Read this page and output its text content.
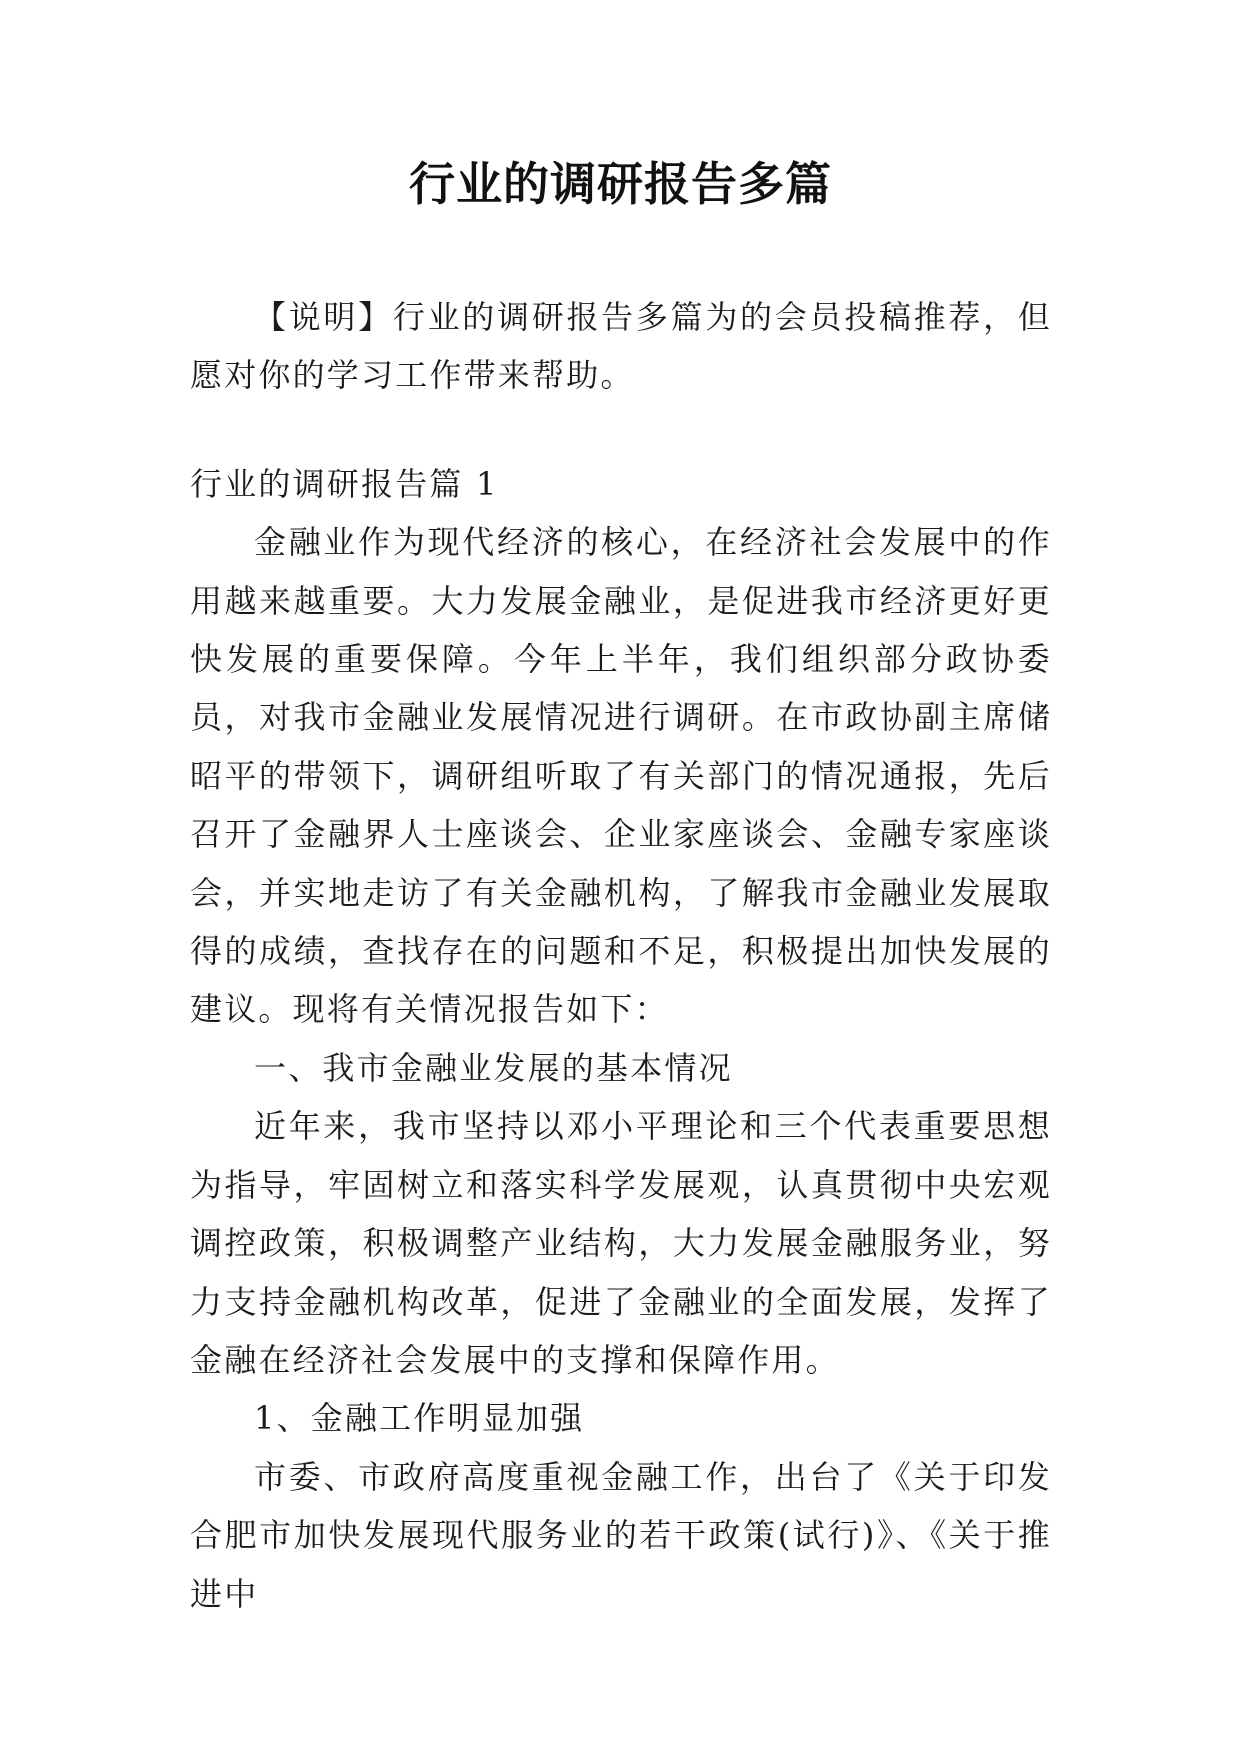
行业的调研报告多篇

【说明】行业的调研报告多篇为的会员投稿推荐，但愿对你的学习工作带来帮助。

行业的调研报告篇 1

金融业作为现代经济的核心，在经济社会发展中的作用越来越重要。大力发展金融业，是促进我市经济更好更快发展的重要保障。今年上半年，我们组织部分政协委员，对我市金融业发展情况进行调研。在市政协副主席储昭平的带领下，调研组听取了有关部门的情况通报，先后召开了金融界人士座谈会、企业家座谈会、金融专家座谈会，并实地走访了有关金融机构，了解我市金融业发展取得的成绩，查找存在的问题和不足，积极提出加快发展的建议。现将有关情况报告如下：

一、我市金融业发展的基本情况

近年来，我市坚持以邓小平理论和三个代表重要思想为指导，牢固树立和落实科学发展观，认真贯彻中央宏观调控政策，积极调整产业结构，大力发展金融服务业，努力支持金融机构改革，促进了金融业的全面发展，发挥了金融在经济社会发展中的支撑和保障作用。

1、金融工作明显加强

市委、市政府高度重视金融工作，出台了《关于印发合肥市加快发展现代服务业的若干政策(试行)》、《关于推进中
